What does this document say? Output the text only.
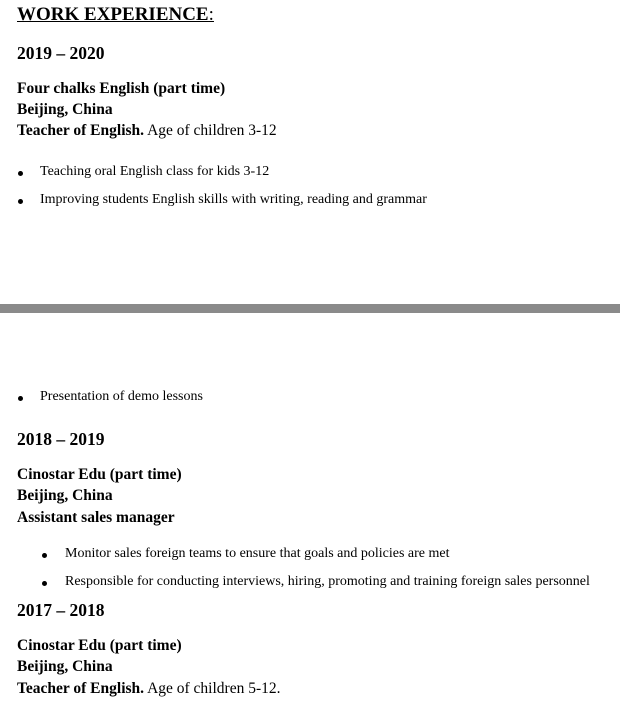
WORK EXPERIENCE:
2019 – 2020
Four chalks English (part time)
Beijing, China
Teacher of English. Age of children 3-12
Teaching oral English class for kids 3-12
Improving students English skills with writing, reading and grammar
Presentation of demo lessons
2018 – 2019
Cinostar Edu (part time)
Beijing, China
Assistant sales manager
Monitor sales foreign teams to ensure that goals and policies are met
Responsible for conducting interviews, hiring, promoting and training foreign sales personnel
2017 – 2018
Cinostar Edu (part time)
Beijing, China
Teacher of English. Age of children 5-12.
